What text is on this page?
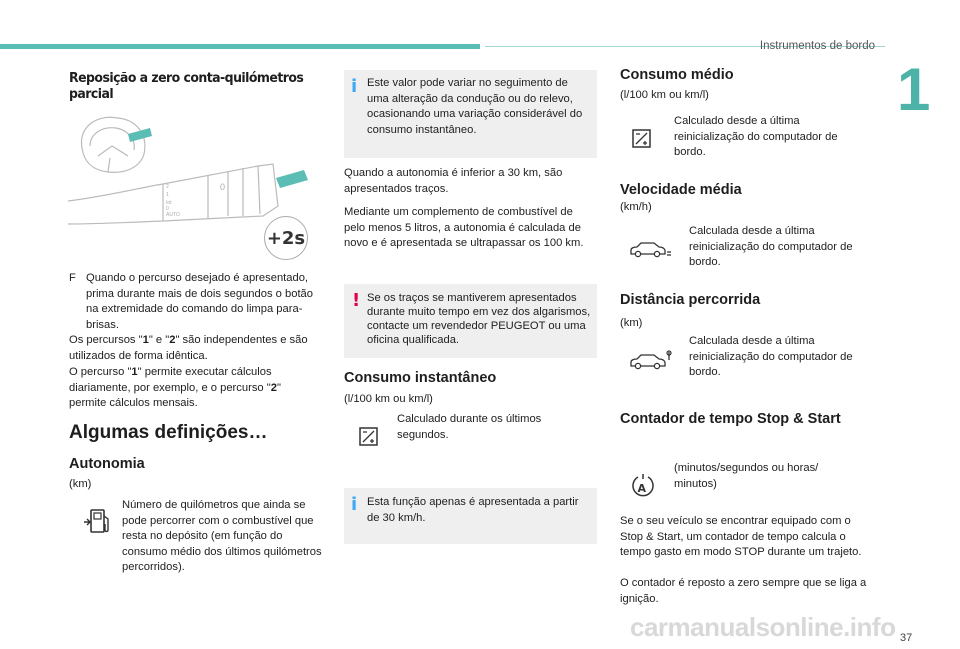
Instrumentos de bordo
1
Reposição a zero conta-quilómetros parcial
2
1
Int
0
AUTO
0
+2s
F Quando o percurso desejado é apresentado, prima durante mais de dois segundos o botão na extremidade do comando do limpa para-brisas.
Os percursos "1" e "2" são independentes e são utilizados de forma idêntica.
O percurso "1" permite executar cálculos diariamente, por exemplo, e o percurso "2" permite cálculos mensais.
Algumas definições…
Autonomia
(km)
Número de quilómetros que ainda se pode percorrer com o combustível que resta no depósito (em função do consumo médio dos últimos quilómetros percorridos).
i Este valor pode variar no seguimento de uma alteração da condução ou do relevo, ocasionando uma variação considerável do consumo instantâneo.
Quando a autonomia é inferior a 30 km, são apresentados traços.
Mediante um complemento de combustível de pelo menos 5 litros, a autonomia é calculada de novo e é apresentada se ultrapassar os 100 km.
! Se os traços se mantiverem apresentados durante muito tempo em vez dos algarismos, contacte um revendedor PEUGEOT ou uma oficina qualificada.
Consumo instantâneo
(l/100 km ou km/l)
Calculado durante os últimos segundos.
i Esta função apenas é apresentada a partir de 30 km/h.
Consumo médio
(l/100 km ou km/l)
Calculado desde a última reinicialização do computador de bordo.
Velocidade média
(km/h)
Calculada desde a última reinicialização do computador de bordo.
Distância percorrida
(km)
Calculada desde a última reinicialização do computador de bordo.
Contador de tempo Stop & Start
A
(minutos/segundos ou horas/ minutos)
Se o seu veículo se encontrar equipado com o Stop & Start, um contador de tempo calcula o tempo gasto em modo STOP durante um trajeto.
O contador é reposto a zero sempre que se liga a ignição.
37
carmanualsonline.info
